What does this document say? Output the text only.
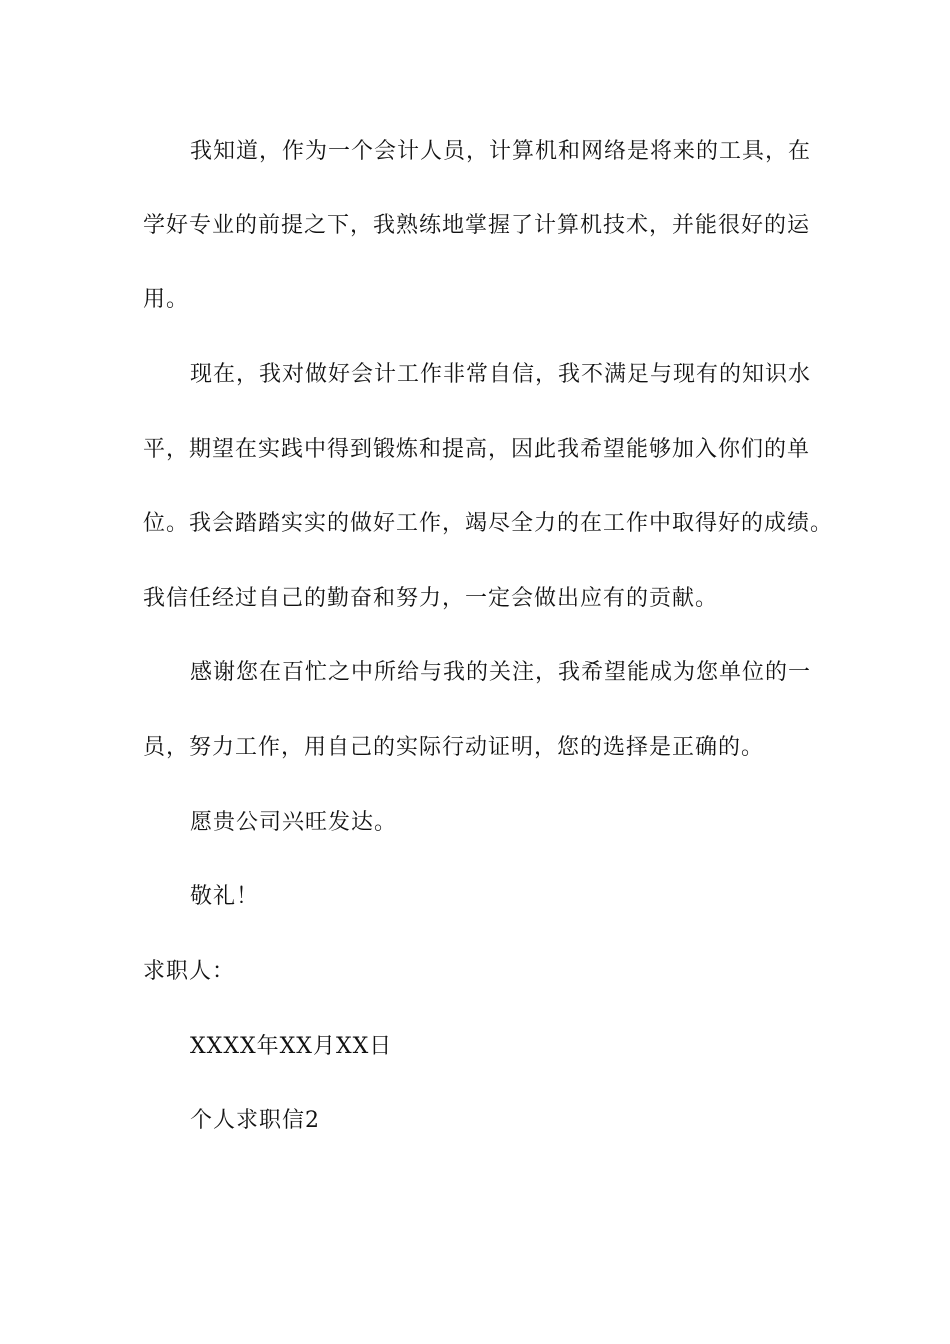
我知道，作为一个会计人员，计算机和网络是将来的工具，在

学好专业的前提之下，我熟练地掌握了计算机技术，并能很好的运

用。

现在，我对做好会计工作非常自信，我不满足与现有的知识水

平，期望在实践中得到锻炼和提高，因此我希望能够加入你们的单

位。我会踏踏实实的做好工作，竭尽全力的在工作中取得好的成绩。

我信任经过自己的勤奋和努力，一定会做出应有的贡献。

感谢您在百忙之中所给与我的关注，我希望能成为您单位的一

员，努力工作，用自己的实际行动证明，您的选择是正确的。

愿贵公司兴旺发达。

敬礼！

求职人：

XXXX年XX月XX日

个人求职信2
